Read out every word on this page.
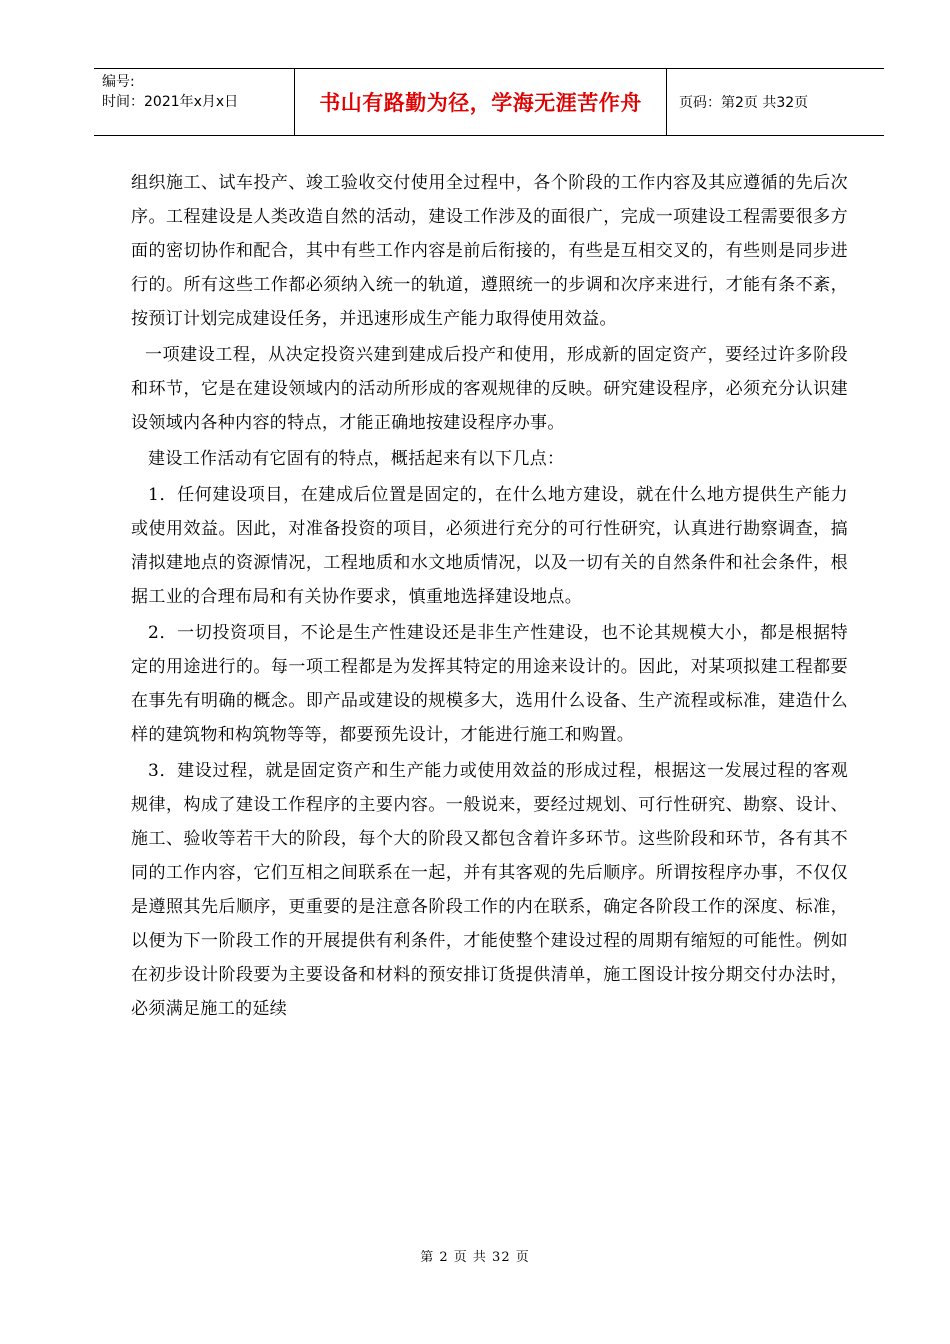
编号:
时间：2021年x月x日	书山有路勤为径，学海无涯苦作舟	页码：第2页 共32页

组织施工、试车投产、竣工验收交付使用全过程中，各个阶段的工作内容及其应遵循的先后次序。工程建设是人类改造自然的活动，建设工作涉及的面很广，完成一项建设工程需要很多方面的密切协作和配合，其中有些工作内容是前后衔接的，有些是互相交叉的，有些则是同步进行的。所有这些工作都必须纳入统一的轨道，遵照统一的步调和次序来进行，才能有条不紊，按预订计划完成建设任务，并迅速形成生产能力取得使用效益。

一项建设工程，从决定投资兴建到建成后投产和使用，形成新的固定资产，要经过许多阶段和环节，它是在建设领域内的活动所形成的客观规律的反映。研究建设程序，必须充分认识建设领域内各种内容的特点，才能正确地按建设程序办事。

建设工作活动有它固有的特点，概括起来有以下几点：

1．任何建设项目，在建成后位置是固定的，在什么地方建设，就在什么地方提供生产能力或使用效益。因此，对准备投资的项目，必须进行充分的可行性研究，认真进行勘察调查，搞清拟建地点的资源情况，工程地质和水文地质情况，以及一切有关的自然条件和社会条件，根据工业的合理布局和有关协作要求，慎重地选择建设地点。

2．一切投资项目，不论是生产性建设还是非生产性建设，也不论其规模大小，都是根据特定的用途进行的。每一项工程都是为发挥其特定的用途来设计的。因此，对某项拟建工程都要在事先有明确的概念。即产品或建设的规模多大，选用什么设备、生产流程或标准，建造什么样的建筑物和构筑物等等，都要预先设计，才能进行施工和购置。

3．建设过程，就是固定资产和生产能力或使用效益的形成过程，根据这一发展过程的客观规律，构成了建设工作程序的主要内容。一般说来，要经过规划、可行性研究、勘察、设计、施工、验收等若干大的阶段，每个大的阶段又都包含着许多环节。这些阶段和环节，各有其不同的工作内容，它们互相之间联系在一起，并有其客观的先后顺序。所谓按程序办事，不仅仅是遵照其先后顺序，更重要的是注意各阶段工作的内在联系，确定各阶段工作的深度、标准，以便为下一阶段工作的开展提供有利条件，才能使整个建设过程的周期有缩短的可能性。例如在初步设计阶段要为主要设备和材料的预安排订货提供清单，施工图设计按分期交付办法时，必须满足施工的延续

第 2 页 共 32 页
